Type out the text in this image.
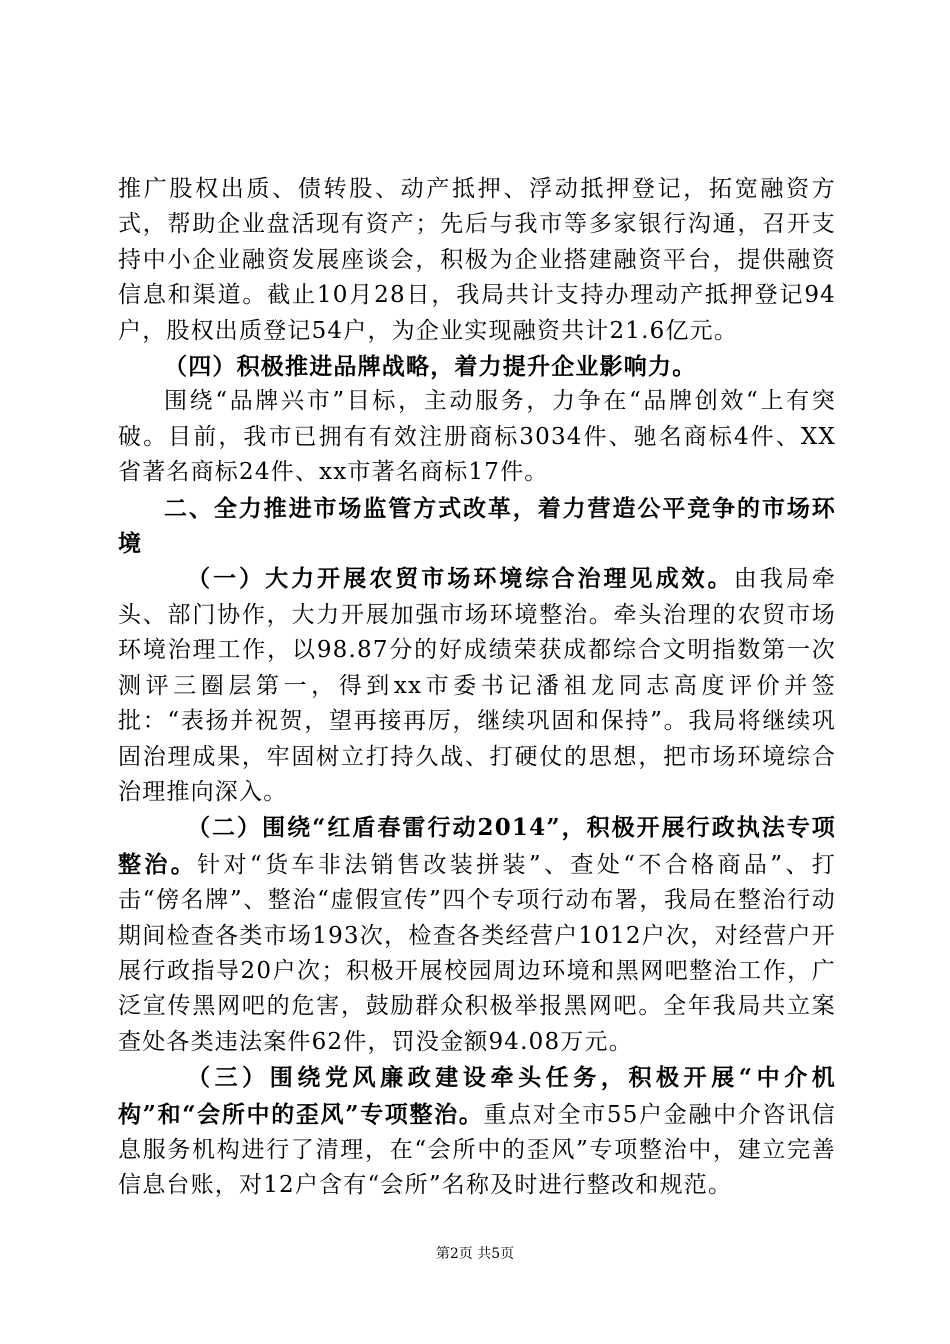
推广股权出质、债转股、动产抵押、浮动抵押登记，拓宽融资方式，帮助企业盘活现有资产；先后与我市等多家银行沟通，召开支持中小企业融资发展座谈会，积极为企业搭建融资平台，提供融资信息和渠道。截止10月28日，我局共计支持办理动产抵押登记94户，股权出质登记54户，为企业实现融资共计21.6亿元。

（四）积极推进品牌战略，着力提升企业影响力。

围绕“品牌兴市”目标，主动服务，力争在“品牌创效“上有突破。目前，我市已拥有有效注册商标3034件、驰名商标4件、XX省著名商标24件、xx市著名商标17件。

二、全力推进市场监管方式改革，着力营造公平竞争的市场环境

（一）大力开展农贸市场环境综合治理见成效。由我局牵头、部门协作，大力开展加强市场环境整治。牵头治理的农贸市场环境治理工作，以98.87分的好成绩荣获成都综合文明指数第一次测评三圈层第一，得到xx市委书记潘祖龙同志高度评价并签批：“表扬并祝贺，望再接再厉，继续巩固和保持”。我局将继续巩固治理成果，牢固树立打持久战、打硬仗的思想，把市场环境综合治理推向深入。

（二）围绕“红盾春雷行动2014”，积极开展行政执法专项整治。针对“货车非法销售改装拼装”、查处“不合格商品”、打击“傍名牌”、整治“虚假宣传”四个专项行动布署，我局在整治行动期间检查各类市场193次，检查各类经营户1012户次，对经营户开展行政指导20户次；积极开展校园周边环境和黑网吧整治工作，广泛宣传黑网吧的危害，鼓励群众积极举报黑网吧。全年我局共立案查处各类违法案件62件，罚没金额94.08万元。

（三）围绕党风廉政建设牵头任务，积极开展“中介机构”和“会所中的歪风”专项整治。重点对全市55户金融中介咨讯信息服务机构进行了清理，在“会所中的歪风”专项整治中，建立完善信息台账，对12户含有“会所”名称及时进行整改和规范。

第2页 共5页
